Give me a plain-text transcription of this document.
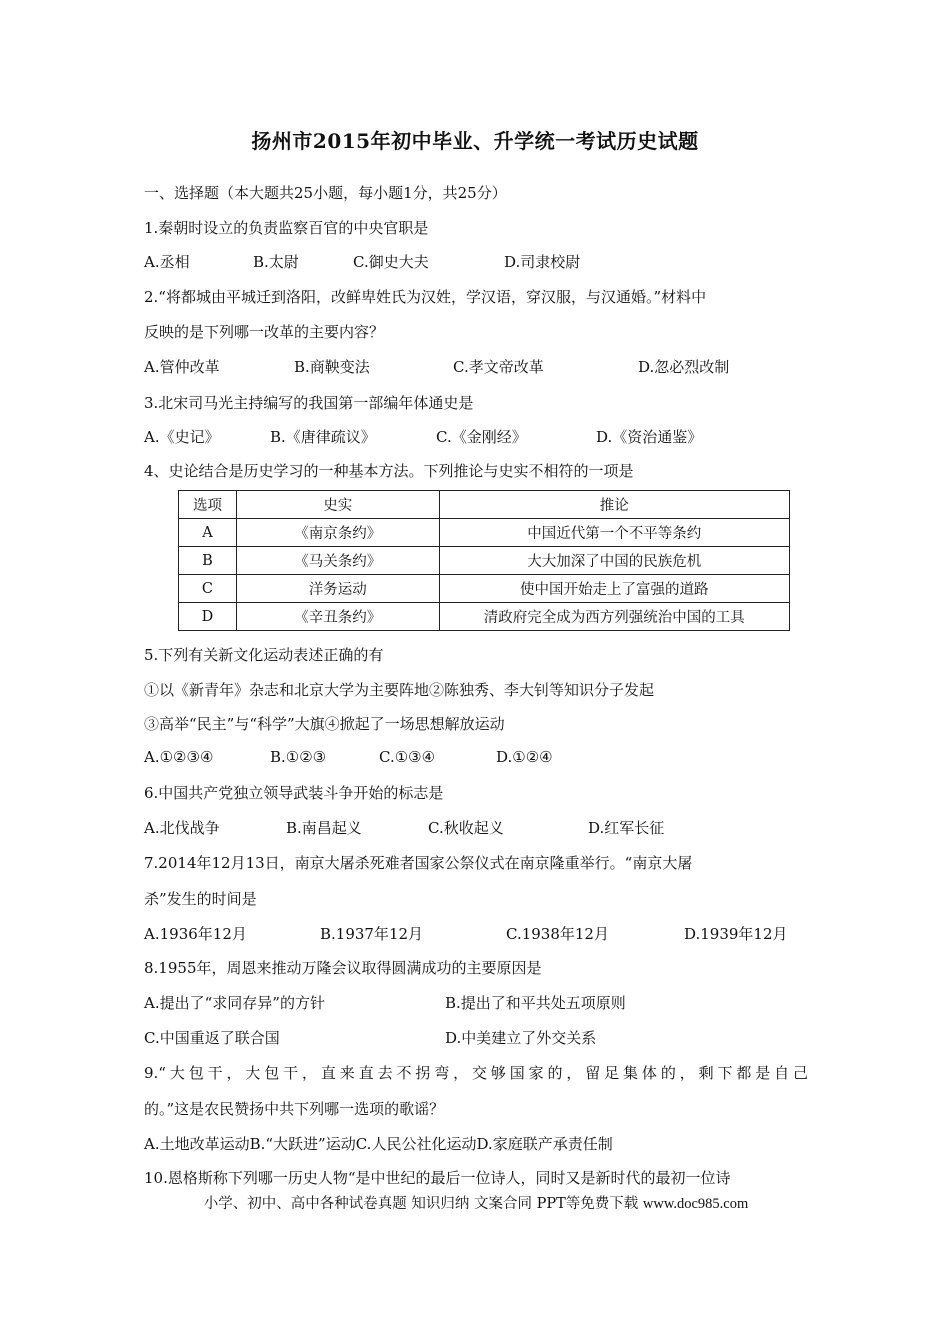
扬州市2015年初中毕业、升学统一考试历史试题
一、选择题（本大题共25小题，每小题1分，共25分）
1.秦朝时设立的负责监察百官的中央官职是
A.丞相	B.太尉	C.御史大夫	D.司隶校尉
2.“将都城由平城迁到洛阳，改鲜卑姓氏为汉姓，学汉语，穿汉服，与汉通婚。”材料中
反映的是下列哪一改革的主要内容？
A.管仲改革	B.商鞅变法	C.孝文帝改革	D.忽必烈改制
3.北宋司马光主持编写的我国第一部编年体通史是
A.《史记》	B.《唐律疏议》	C.《金刚经》	D.《资治通鉴》
4、史论结合是历史学习的一种基本方法。下列推论与史实不相符的一项是
选项	史实	推论
A	《南京条约》	中国近代第一个不平等条约
B	《马关条约》	大大加深了中国的民族危机
C	洋务运动	使中国开始走上了富强的道路
D	《辛丑条约》	清政府完全成为西方列强统治中国的工具
5.下列有关新文化运动表述正确的有
①以《新青年》杂志和北京大学为主要阵地②陈独秀、李大钊等知识分子发起
③高举“民主”与“科学”大旗④掀起了一场思想解放运动
A.①②③④	B.①②③	C.①③④	D.①②④
6.中国共产党独立领导武装斗争开始的标志是
A.北伐战争	B.南昌起义	C.秋收起义	D.红军长征
7.2014年12月13日，南京大屠杀死难者国家公祭仪式在南京隆重举行。“南京大屠
杀”发生的时间是
A.1936年12月	B.1937年12月	C.1938年12月	D.1939年12月
8.1955年，周恩来推动万隆会议取得圆满成功的主要原因是
A.提出了“求同存异”的方针	B.提出了和平共处五项原则
C.中国重返了联合国	D.中美建立了外交关系
9.“大包干，大包干，直来直去不拐弯，交够国家的，留足集体的，剩下都是自己
的。”这是农民赞扬中共下列哪一选项的歌谣？
A.土地改革运动B.“大跃进”运动C.人民公社化运动D.家庭联产承责任制
10.恩格斯称下列哪一历史人物“是中世纪的最后一位诗人，同时又是新时代的最初一位诗
小学、初中、高中各种试卷真题 知识归纳 文案合同 PPT等免费下载 www.doc985.com
